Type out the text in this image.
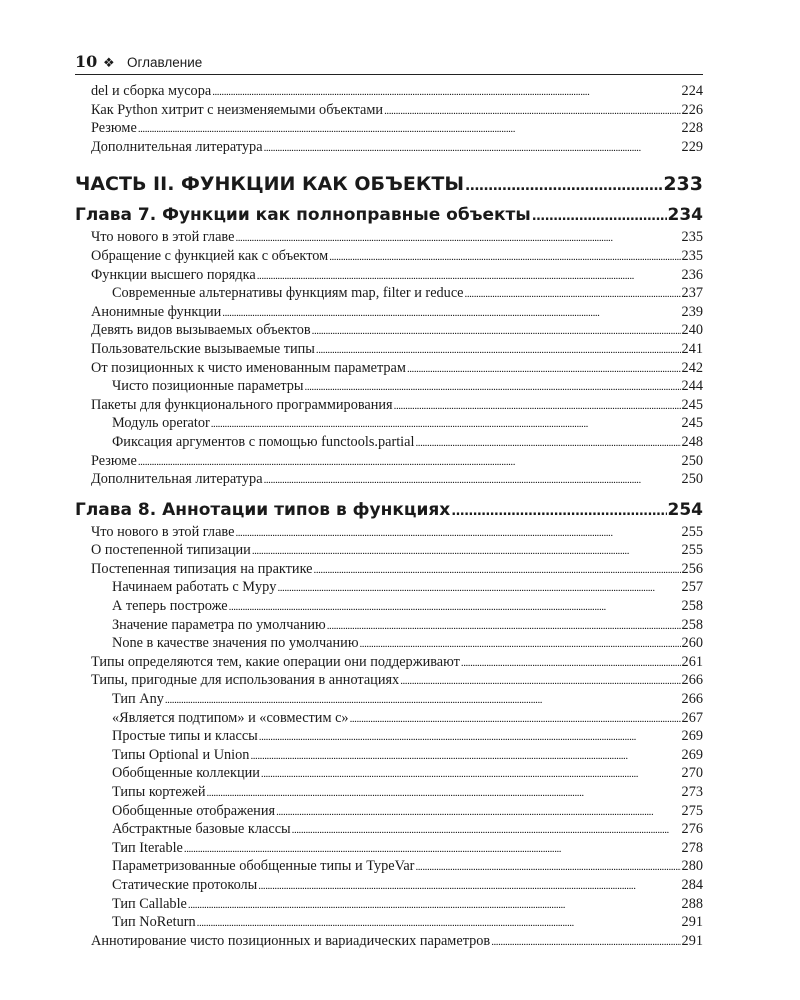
10 ❖ Оглавление
del и сборка мусора . . .	224
Как Python хитрит с неизменяемыми объектами . . .	226
Резюме . . .	228
Дополнительная литература . . .	229
ЧАСТЬ II. ФУНКЦИИ КАК ОБЪЕКТЫ . . .	233
Глава 7. Функции как полноправные объекты . . .	234
Что нового в этой главе . . .	235
Обращение с функцией как с объектом . . .	235
Функции высшего порядка . . .	236
Современные альтернативы функциям map, filter и reduce . . .	237
Анонимные функции . . .	239
Девять видов вызываемых объектов . . .	240
Пользовательские вызываемые типы . . .	241
От позиционных к чисто именованным параметрам . . .	242
Чисто позиционные параметры . . .	244
Пакеты для функционального программирования . . .	245
Модуль operator . . .	245
Фиксация аргументов с помощью functools.partial . . .	248
Резюме . . .	250
Дополнительная литература . . .	250
Глава 8. Аннотации типов в функциях . . .	254
Что нового в этой главе . . .	255
О постепенной типизации . . .	255
Постепенная типизация на практике . . .	256
Начинаем работать с Mypy . . .	257
А теперь построже . . .	258
Значение параметра по умолчанию . . .	258
None в качестве значения по умолчанию . . .	260
Типы определяются тем, какие операции они поддерживают . . .	261
Типы, пригодные для использования в аннотациях . . .	266
Тип Any . . .	266
«Является подтипом» и «совместим с» . . .	267
Простые типы и классы . . .	269
Типы Optional и Union . . .	269
Обобщенные коллекции . . .	270
Типы кортежей . . .	273
Обобщенные отображения . . .	275
Абстрактные базовые классы . . .	276
Тип Iterable . . .	278
Параметризованные обобщенные типы и TypeVar . . .	280
Статические протоколы . . .	284
Тип Callable . . .	288
Тип NoReturn . . .	291
Аннотирование чисто позиционных и вариадических параметров . . .	291
